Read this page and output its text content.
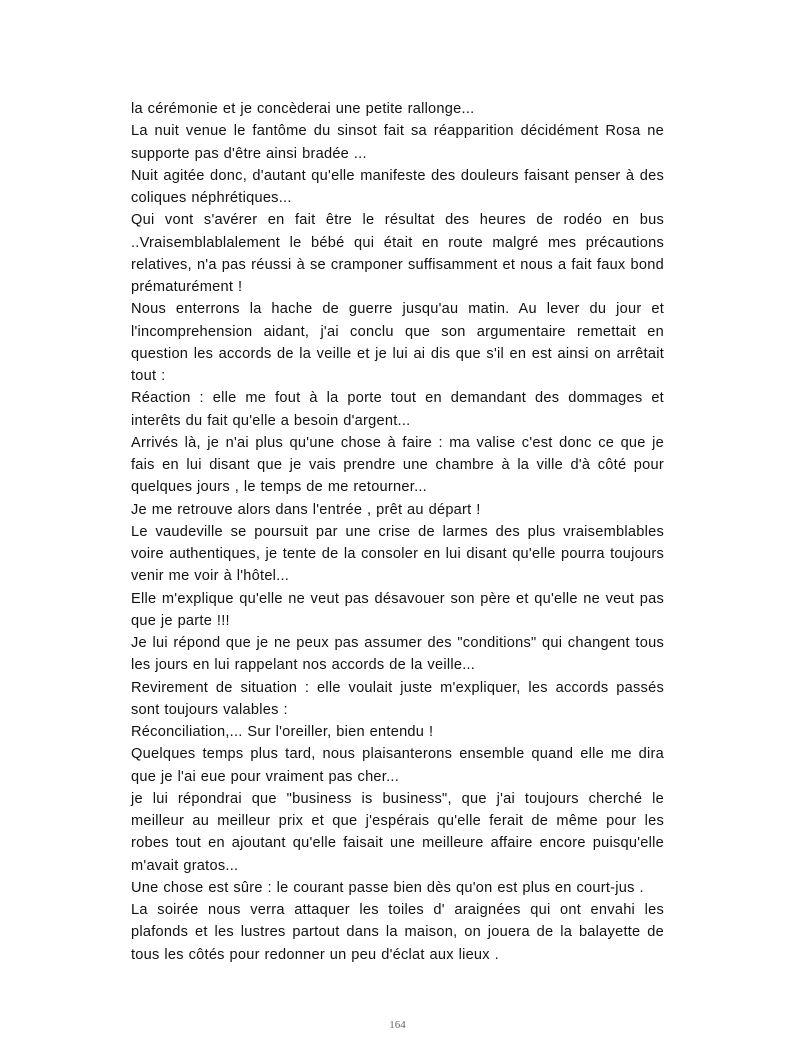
la cérémonie et je concèderai une petite rallonge...

La nuit venue le fantôme du sinsot fait sa réapparition décidément Rosa ne supporte pas d'être ainsi bradée ...

Nuit agitée donc, d'autant qu'elle manifeste des douleurs faisant penser à des coliques néphrétiques...

Qui vont s'avérer en fait être le résultat des heures de rodéo en bus ..Vraisemblablalement le bébé qui était en route malgré mes précautions relatives, n'a pas réussi à se cramponer suffisamment et nous a fait faux bond prématurément !

Nous enterrons la hache de guerre jusqu'au matin. Au lever du jour et l'incomprehension aidant, j'ai conclu que son argumentaire remettait en question les accords de la veille et je lui ai dis que s'il en est ainsi on arrêtait tout :

Réaction : elle me fout à la porte tout en demandant des dommages et interêts du fait qu'elle a besoin d'argent...

Arrivés là, je n'ai plus qu'une chose à faire : ma valise c'est donc ce que je fais en lui disant que je vais prendre une chambre à la ville d'à côté pour quelques jours , le temps de me retourner...

Je me retrouve alors dans l'entrée , prêt au départ !

Le vaudeville se poursuit par une crise de larmes des plus vraisemblables voire authentiques, je tente de la consoler en lui disant qu'elle pourra toujours venir me voir à l'hôtel...

Elle m'explique qu'elle ne veut pas désavouer son père et qu'elle ne veut pas que je parte !!!

Je lui répond que je ne peux pas assumer des "conditions" qui changent tous les jours en lui rappelant nos accords de la veille...

Revirement de situation : elle voulait juste m'expliquer, les accords passés sont toujours valables :

Réconciliation,... Sur l'oreiller, bien entendu !

Quelques temps plus tard, nous plaisanterons ensemble quand elle me dira que je l'ai eue pour vraiment pas cher...

je lui répondrai que "business is business", que j'ai toujours cherché le meilleur au meilleur prix et que j'espérais qu'elle ferait de même pour les robes tout en ajoutant qu'elle faisait une meilleure affaire encore puisqu'elle m'avait gratos...

Une chose est sûre : le courant passe bien dès qu'on est plus en court-jus .

La soirée nous verra attaquer les toiles d' araignées qui ont envahi les plafonds et les lustres partout dans la maison, on jouera de la balayette de tous les côtés pour redonner un peu d'éclat aux lieux .

164
